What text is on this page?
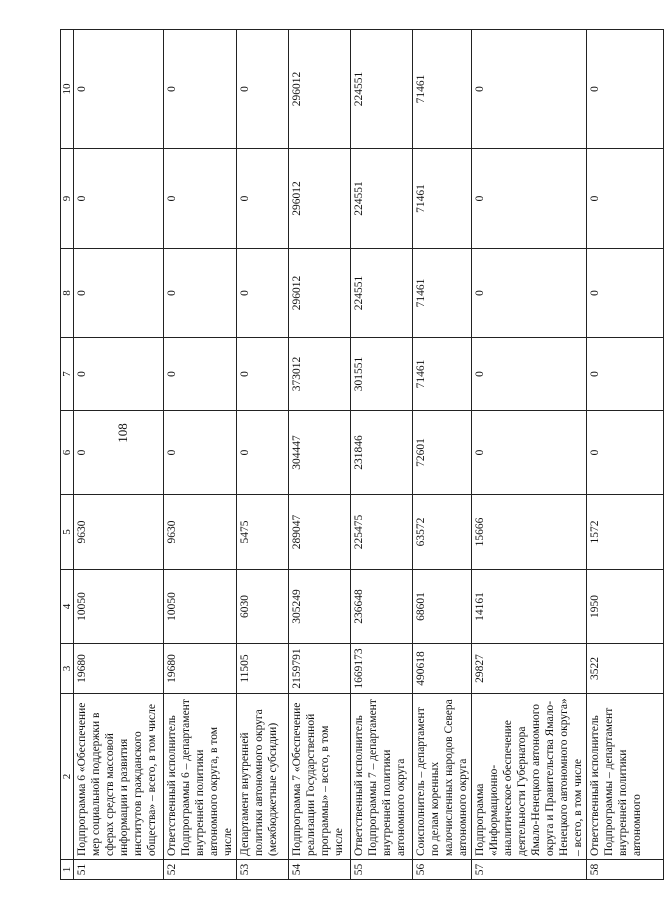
108
1	2	3	4	5	6	7	8	9	10
51	Подпрограмма 6 «Обеспечение мер социальной поддержки в сферах средств массовой информации и развития институтов гражданского общества» – всего, в том числе	19680	10050	9630	0	0	0	0	0
52	Ответственный исполнитель Подпрограммы 6 – департамент внутренней политики автономного округа, в том числе	19680	10050	9630	0	0	0	0	0
53	Департамент внутренней политики автономного округа (межбюджетные субсидии)	11505	6030	5475	0	0	0	0	0
54	Подпрограмма 7 «Обеспечение реализации Государственной программы» – всего, в том числе	2159791	305249	289047	304447	373012	296012	296012	296012
55	Ответственный исполнитель Подпрограммы 7 – департамент внутренней политики автономного округа	1669173	236648	225475	231846	301551	224551	224551	224551
56	Соисполнитель – департамент по делам коренных малочисленных народов Севера автономного округа	490618	68601	63572	72601	71461	71461	71461	71461
57	Подпрограмма «Информационно-аналитическое обеспечение деятельности Губернатора Ямало-Ненецкого автономного округа и Правительства Ямало-Ненецкого автономного округа» – всего, в том числе	29827	14161	15666	0	0	0	0	0
58	Ответственный исполнитель Подпрограммы – департамент внутренней политики автономного	3522	1950	1572	0	0	0	0	0
